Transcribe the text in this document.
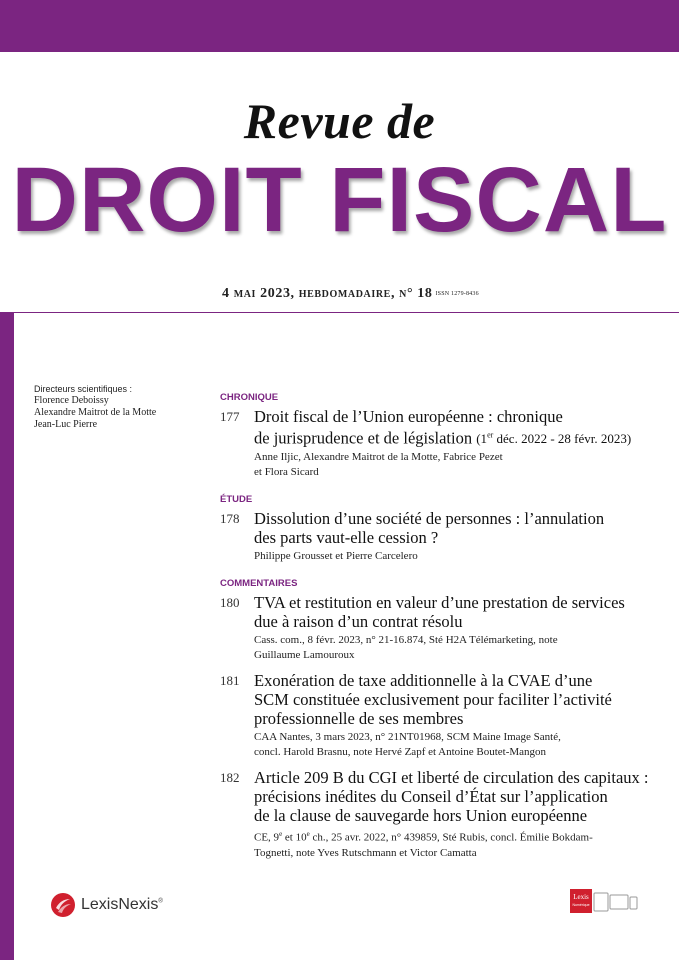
Revue de
DROIT FISCAL
4 mai 2023, hebdomadaire, n° 18 ISSN 1279-8436
Directeurs scientifiques :
Florence Deboissy
Alexandre Maitrot de la Motte
Jean-Luc Pierre
CHRONIQUE
177 Droit fiscal de l’Union européenne : chronique
de jurisprudence et de législation (1er déc. 2022 - 28 févr. 2023)
Anne Iljic, Alexandre Maitrot de la Motte, Fabrice Pezet
et Flora Sicard
ÉTUDE
178 Dissolution d’une société de personnes : l’annulation
des parts vaut-elle cession ?
Philippe Grousset et Pierre Carcelero
COMMENTAIRES
180 TVA et restitution en valeur d’une prestation de services
due à raison d’un contrat résolu
Cass. com., 8 févr. 2023, n° 21-16.874, Sté H2A Télémarketing, note
Guillaume Lamouroux
181 Exonération de taxe additionnelle à la CVAE d’une
SCM constituée exclusivement pour faciliter l’activité
professionnelle de ses membres
CAA Nantes, 3 mars 2023, n° 21NT01968, SCM Maine Image Santé,
concl. Harold Brasnu, note Hervé Zapf et Antoine Boutet-Mangon
182 Article 209 B du CGI et liberté de circulation des capitaux :
précisions inédites du Conseil d’État sur l’application
de la clause de sauvegarde hors Union européenne
CE, 9e et 10e ch., 25 avr. 2022, n° 439859, Sté Rubis, concl. Émilie Bokdam-
Tognetti, note Yves Rutschmann et Victor Camatta
LexisNexis®
Lexis
Numérique
